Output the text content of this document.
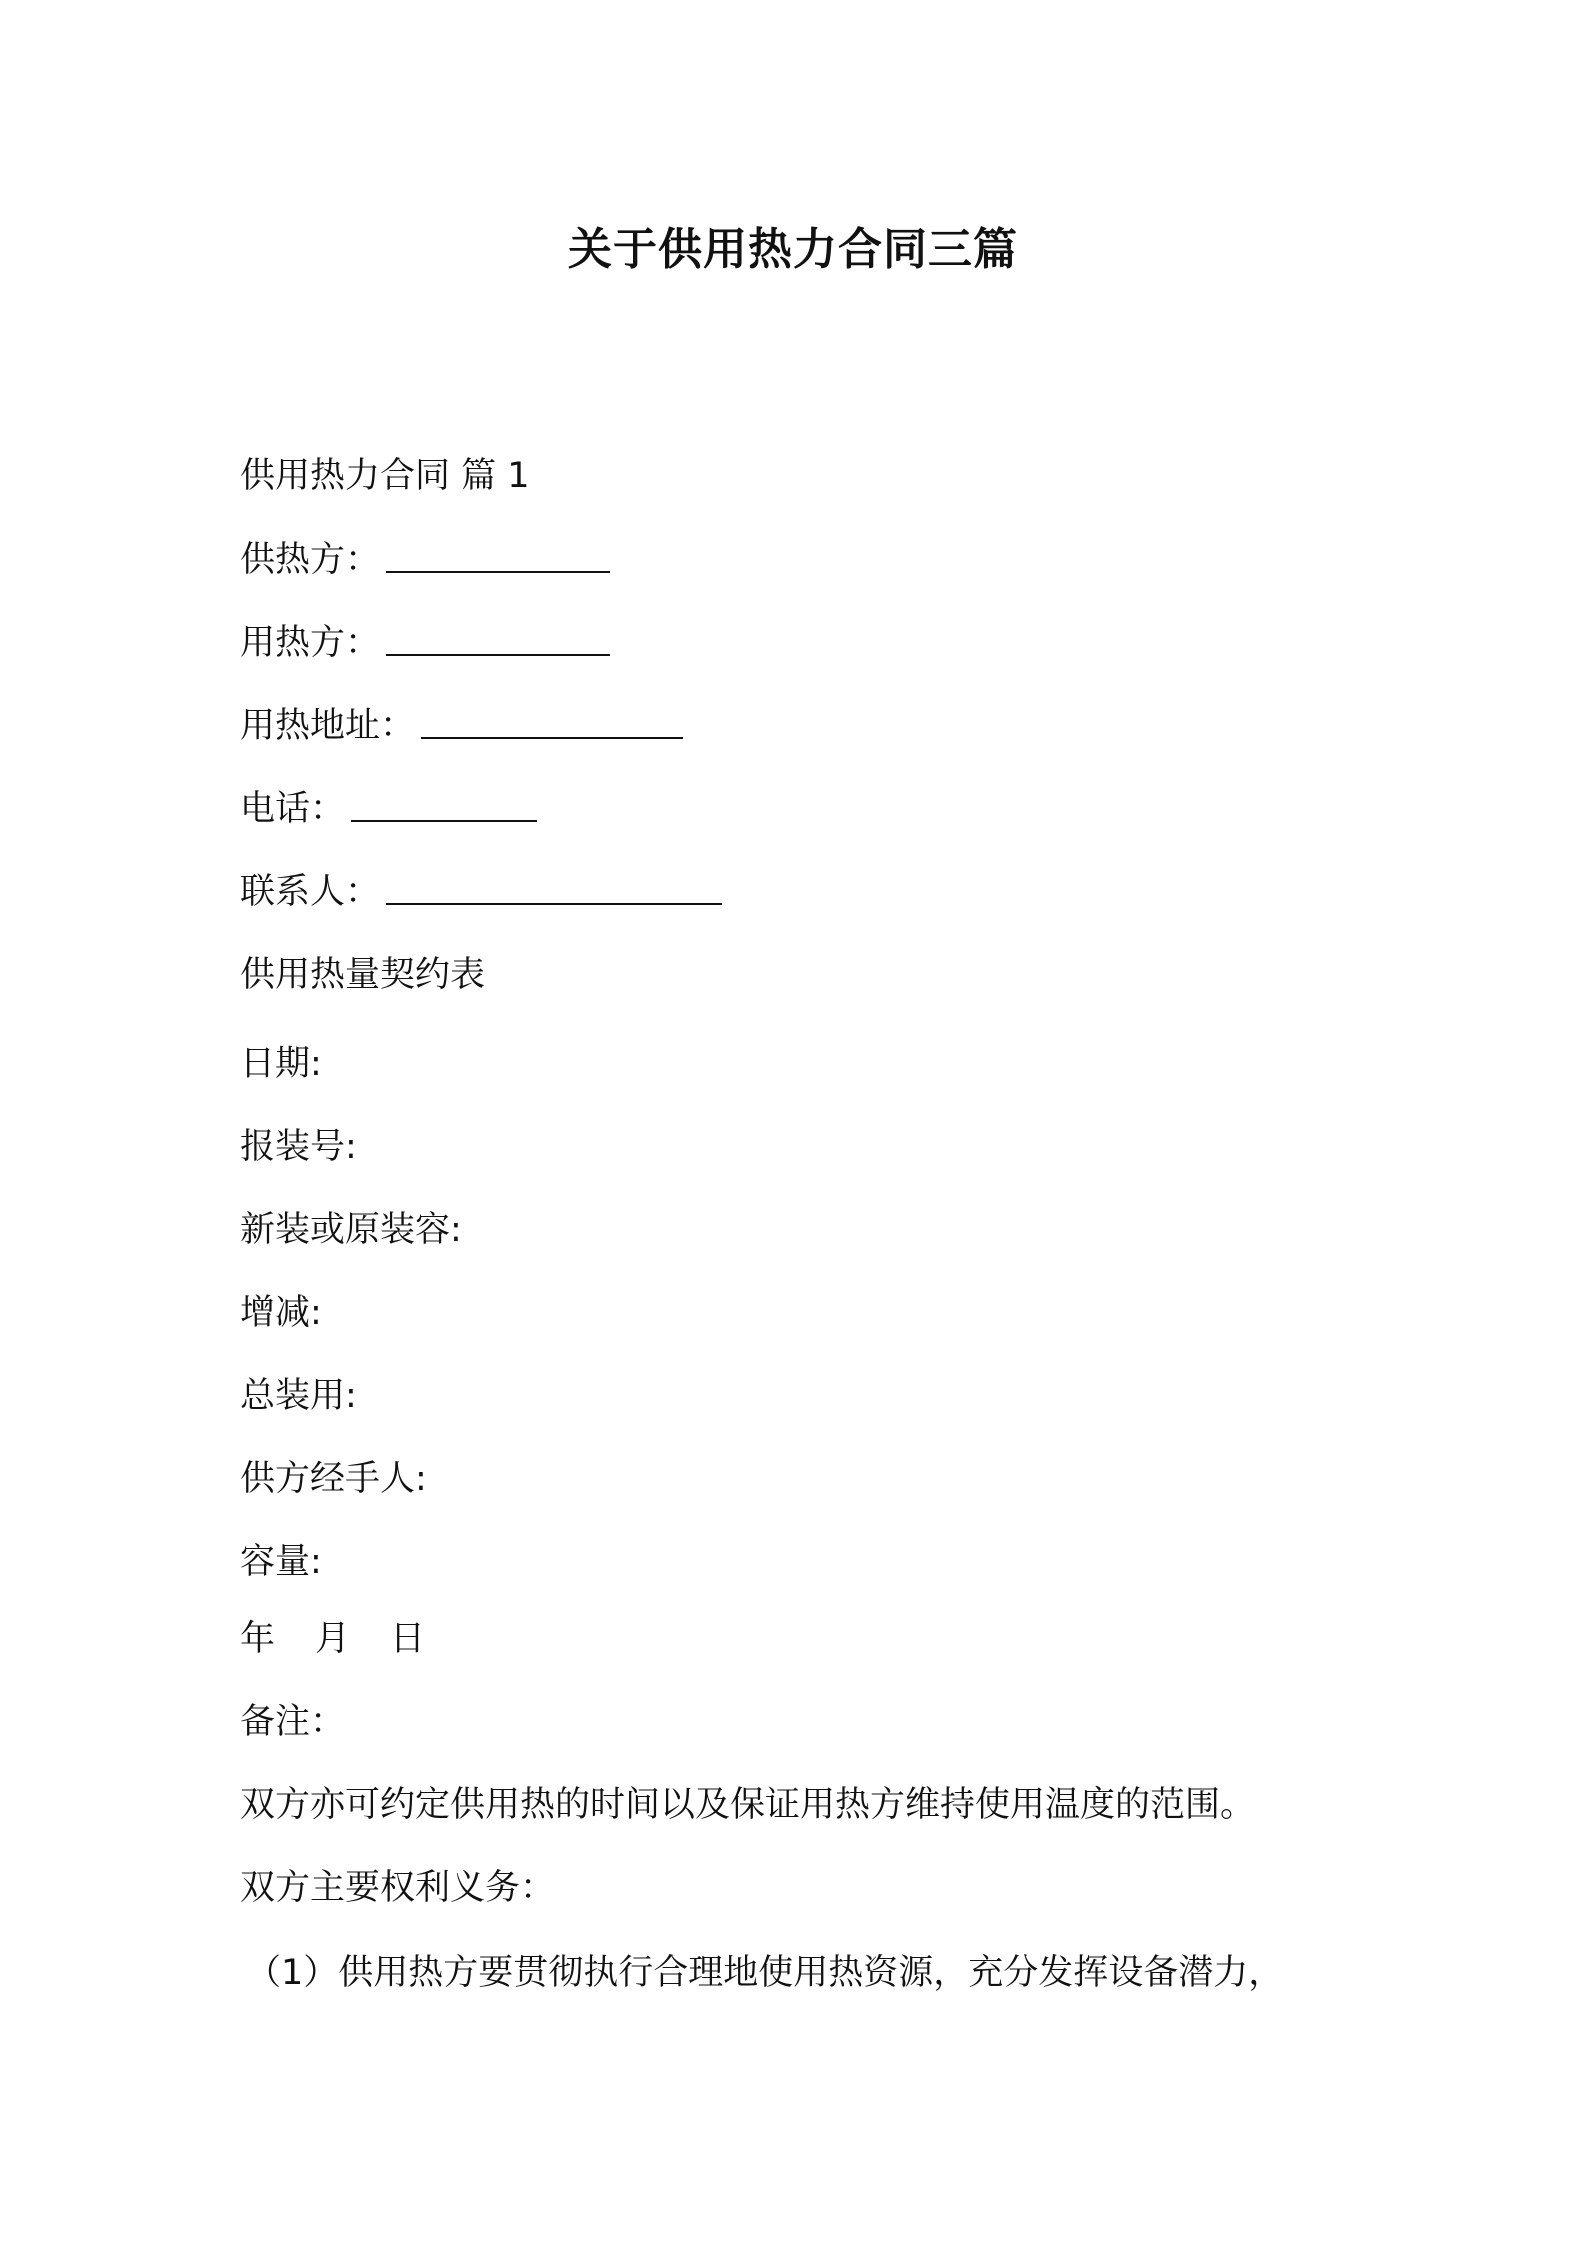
关于供用热力合同三篇
供用热力合同 篇 1
供热方：
用热方：
用热地址：
电话：
联系人：
供用热量契约表
日期:
报装号:
新装或原装容:
增减:
总装用:
供方经手人:
容量:
年 月 日
备注：
双方亦可约定供用热的时间以及保证用热方维持使用温度的范围。
双方主要权利义务：
（1）供用热方要贯彻执行合理地使用热资源，充分发挥设备潜力，
